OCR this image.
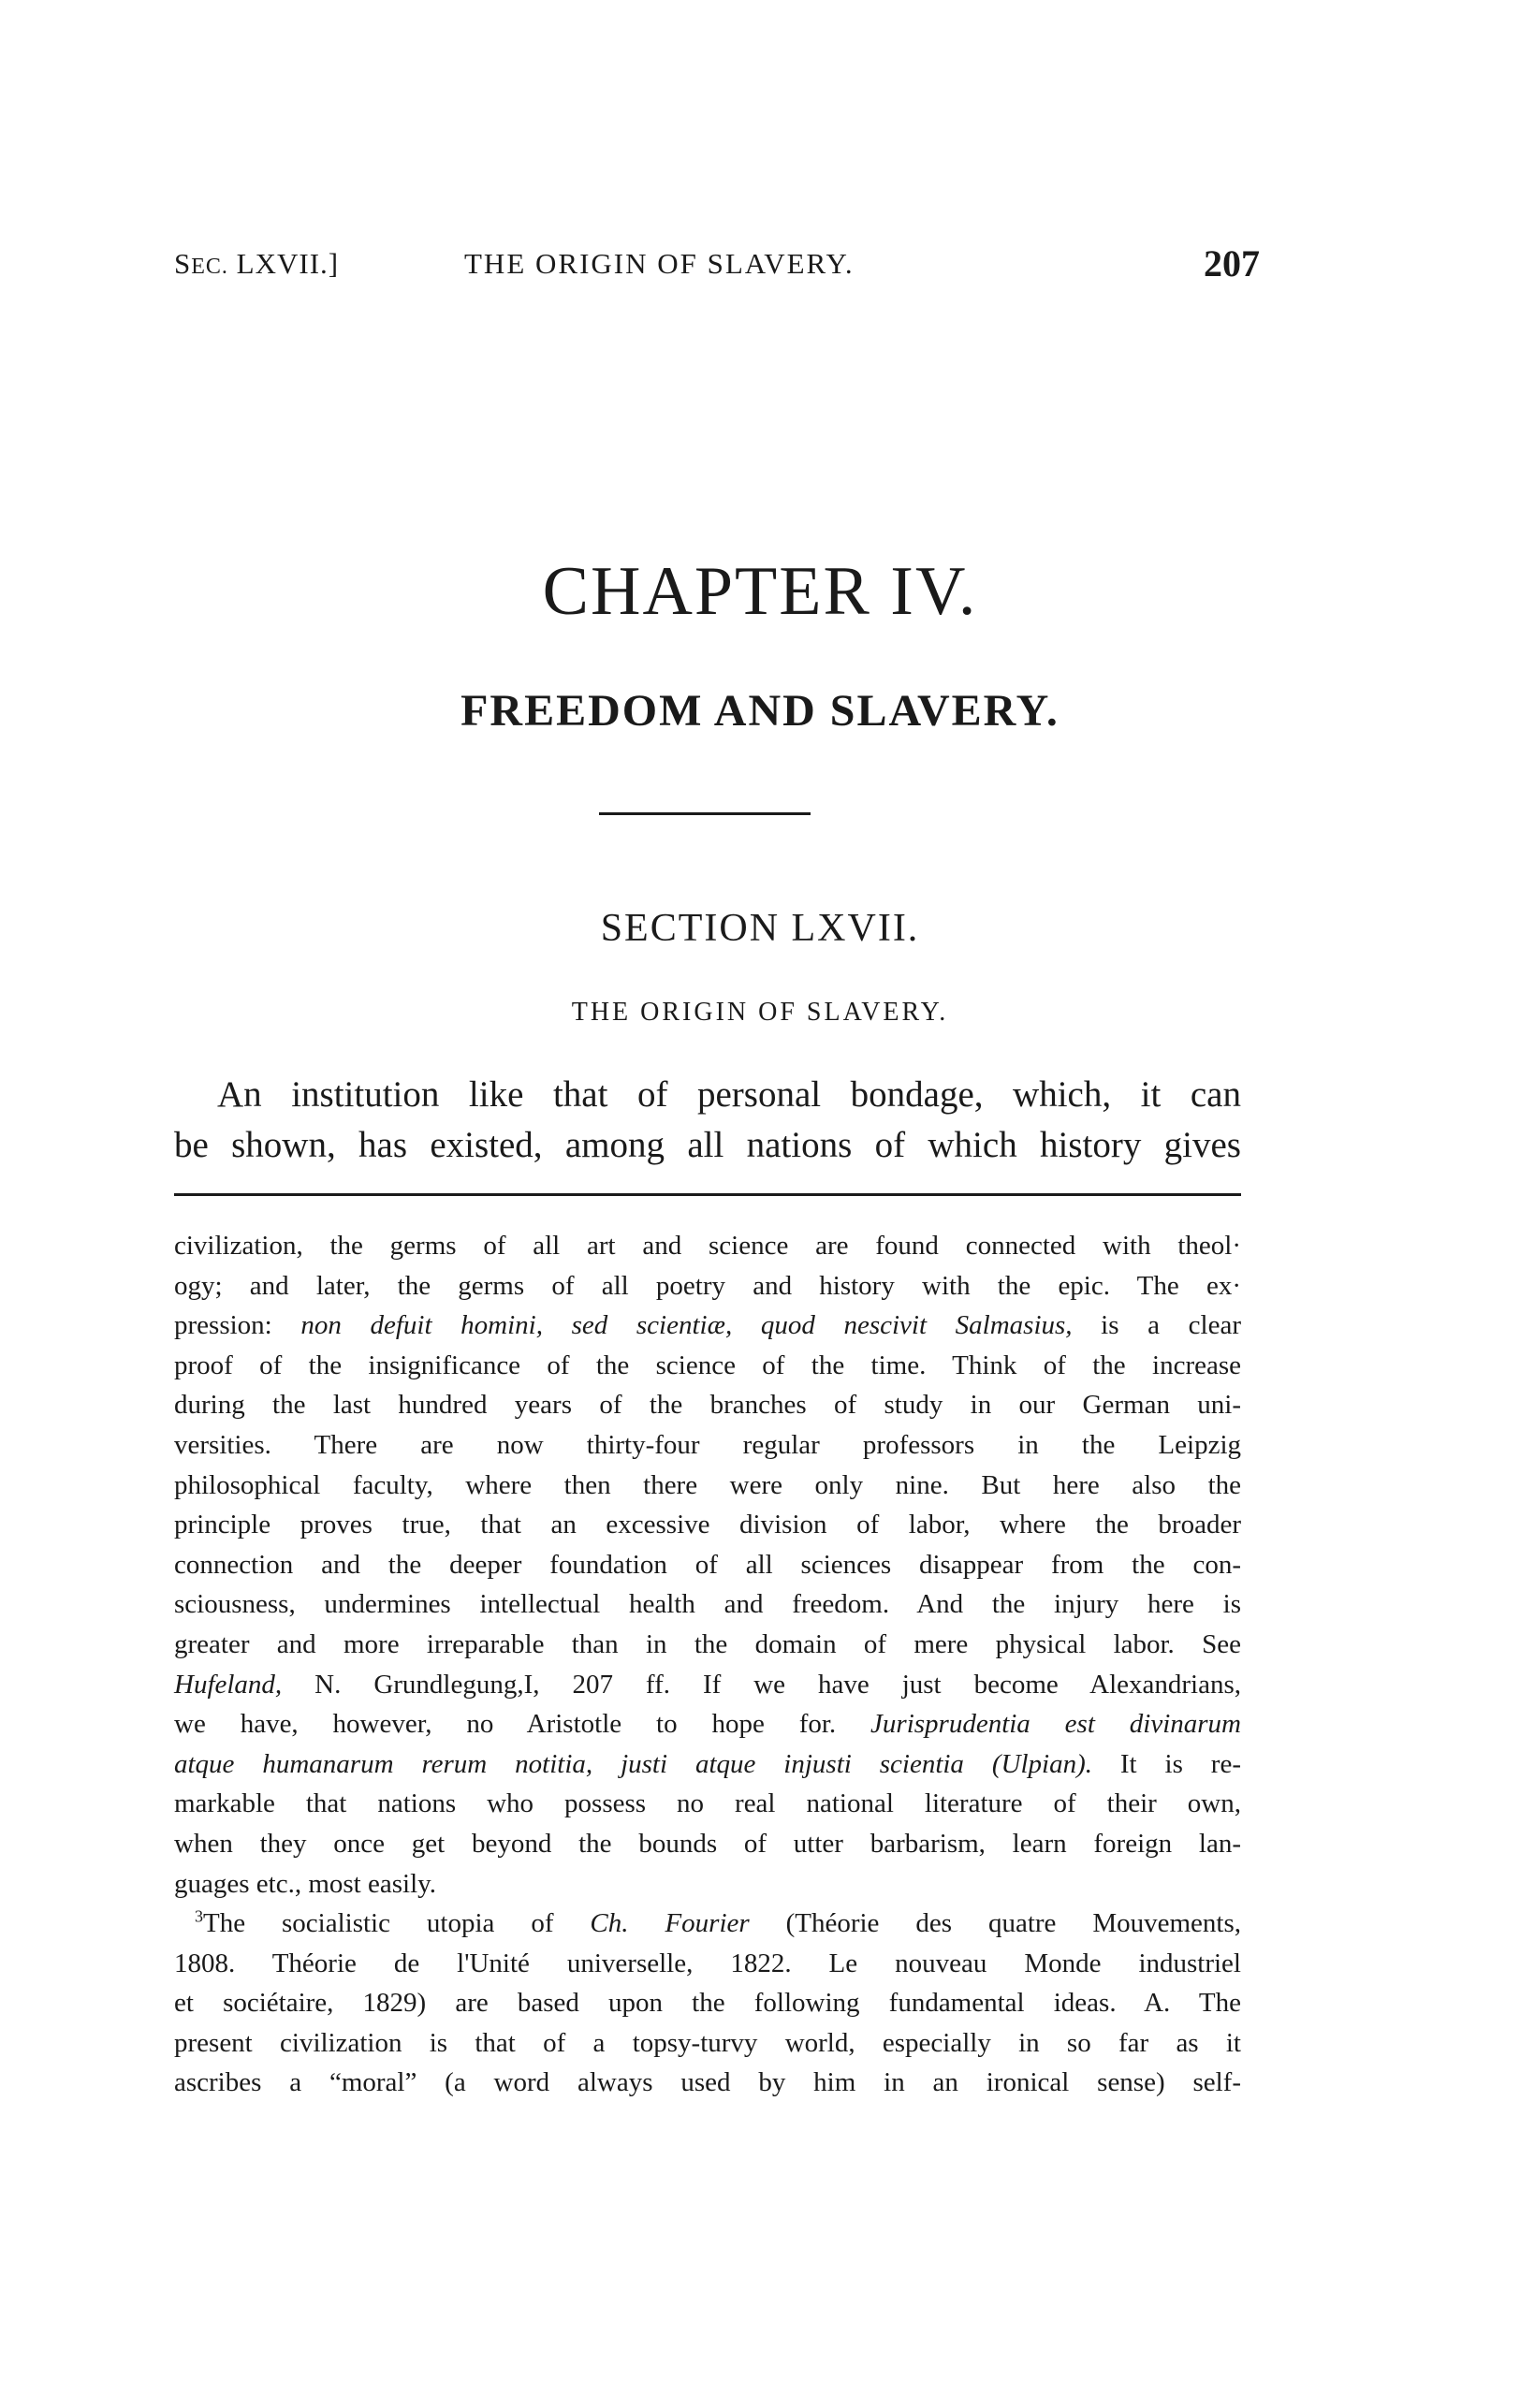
SEC. LXVII.]	THE ORIGIN OF SLAVERY.	207
CHAPTER IV.
FREEDOM AND SLAVERY.
SECTION LXVII.
THE ORIGIN OF SLAVERY.
An institution like that of personal bondage, which, it can
be shown, has existed, among all nations of which history gives
civilization, the germs of all art and science are found connected with theol·
ogy; and later, the germs of all poetry and history with the epic. The ex·
pression: non defuit homini, sed scientiæ, quod nescivit Salmasius, is a clear
proof of the insignificance of the science of the time. Think of the increase
during the last hundred years of the branches of study in our German uni-
versities. There are now thirty-four regular professors in the Leipzig
philosophical faculty, where then there were only nine. But here also the
principle proves true, that an excessive division of labor, where the broader
connection and the deeper foundation of all sciences disappear from the con-
sciousness, undermines intellectual health and freedom. And the injury here is
greater and more irreparable than in the domain of mere physical labor. See
Hufeland, N. Grundlegung,I, 207 ff. If we have just become Alexandrians,
we have, however, no Aristotle to hope for. Jurisprudentia est divinarum
atque humanarum rerum notitia, justi atque injusti scientia (Ulpian). It is re-
markable that nations who possess no real national literature of their own,
when they once get beyond the bounds of utter barbarism, learn foreign lan-
guages etc., most easily.
$^3$The socialistic utopia of Ch. Fourier (Théorie des quatre Mouvements,
1808. Théorie de l'Unité universelle, 1822. Le nouveau Monde industriel
et sociétaire, 1829) are based upon the following fundamental ideas. A. The
present civilization is that of a topsy-turvy world, especially in so far as it
ascribes a “moral” (a word always used by him in an ironical sense) self-
